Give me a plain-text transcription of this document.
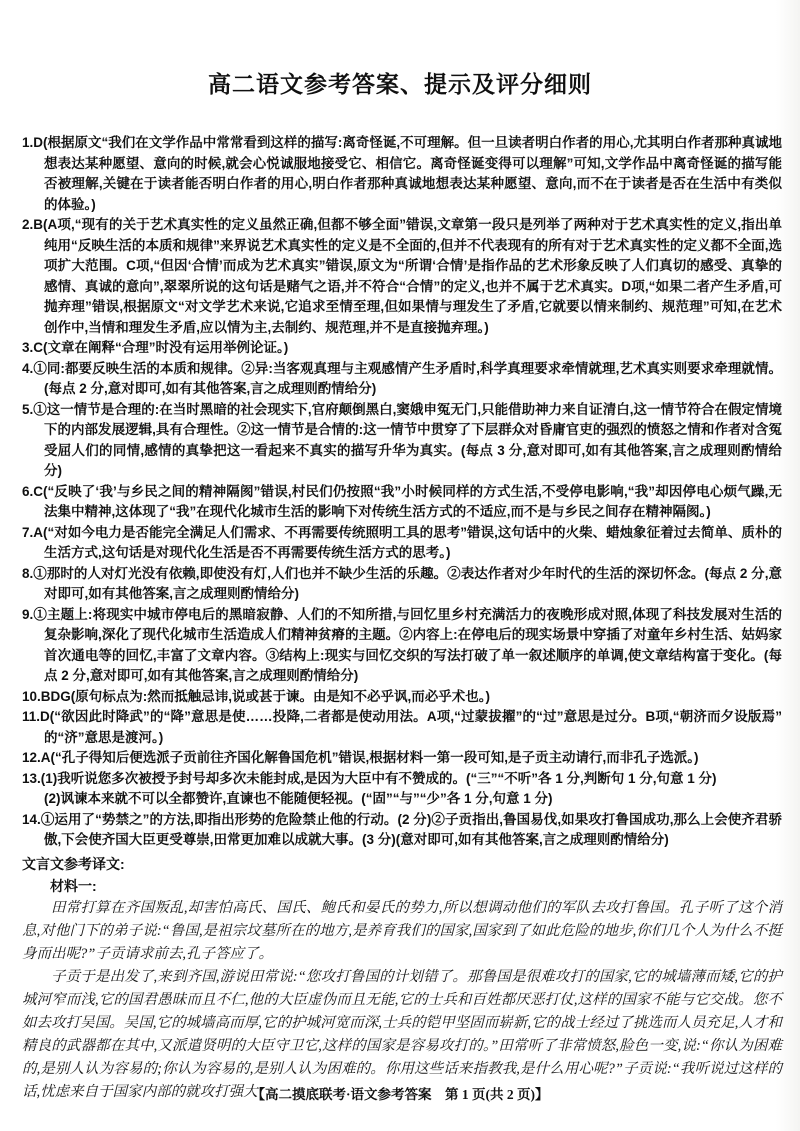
高二语文参考答案、提示及评分细则
1.D(根据原文“我们在文学作品中常常看到这样的描写:离奇怪诞,不可理解。但一旦读者明白作者的用心,尤其明白作者那种真诚地想表达某种愿望、意向的时候,就会心悦诚服地接受它、相信它。离奇怪诞变得可以理解”可知,文学作品中离奇怪诞的描写能否被理解,关键在于读者能否明白作者的用心,明白作者那种真诚地想表达某种愿望、意向,而不在于读者是否在生活中有类似的体验。)
2.B(A项,“现有的关于艺术真实性的定义虽然正确,但都不够全面”错误,文章第一段只是列举了两种对于艺术真实性的定义,指出单纯用“反映生活的本质和规律”来界说艺术真实性的定义是不全面的,但并不代表现有的所有对于艺术真实性的定义都不全面,选项扩大范围。C项,“但因‘合情’而成为艺术真实”错误,原文为“所谓‘合情’是指作品的艺术形象反映了人们真切的感受、真挚的感情、真诚的意向”,翠翠所说的这句话是赌气之语,并不符合“合情”的定义,也并不属于艺术真实。D项,“如果二者产生矛盾,可抛弃理”错误,根据原文“对文学艺术来说,它追求至情至理,但如果情与理发生了矛盾,它就要以情来制约、规范理”可知,在艺术创作中,当情和理发生矛盾,应以情为主,去制约、规范理,并不是直接抛弃理。)
3.C(文章在阐释“合理”时没有运用举例论证。)
4.①同:都要反映生活的本质和规律。②异:当客观真理与主观感情产生矛盾时,科学真理要求牵情就理,艺术真实则要求牵理就情。(每点 2 分,意对即可,如有其他答案,言之成理则酌情给分)
5.①这一情节是合理的:在当时黑暗的社会现实下,官府颠倒黑白,窦娥申冤无门,只能借助神力来自证清白,这一情节符合在假定情境下的内部发展逻辑,具有合理性。②这一情节是合情的:这一情节中贯穿了下层群众对昏庸官吏的强烈的愤怒之情和作者对含冤受屈人们的同情,感情的真挚把这一看起来不真实的描写升华为真实。(每点 3 分,意对即可,如有其他答案,言之成理则酌情给分)
6.C(“反映了‘我’与乡民之间的精神隔阂”错误,村民们仍按照“我”小时候同样的方式生活,不受停电影响,“我”却因停电心烦气躁,无法集中精神,这体现了“我”在现代化城市生活的影响下对传统生活方式的不适应,而不是与乡民之间存在精神隔阂。)
7.A(“对如今电力是否能完全满足人们需求、不再需要传统照明工具的思考”错误,这句话中的火柴、蜡烛象征着过去简单、质朴的生活方式,这句话是对现代化生活是否不再需要传统生活方式的思考。)
8.①那时的人对灯光没有依赖,即使没有灯,人们也并不缺少生活的乐趣。②表达作者对少年时代的生活的深切怀念。(每点 2 分,意对即可,如有其他答案,言之成理则酌情给分)
9.①主题上:将现实中城市停电后的黑暗寂静、人们的不知所措,与回忆里乡村充满活力的夜晚形成对照,体现了科技发展对生活的复杂影响,深化了现代化城市生活造成人们精神贫瘠的主题。②内容上:在停电后的现实场景中穿插了对童年乡村生活、姑妈家首次通电等的回忆,丰富了文章内容。③结构上:现实与回忆交织的写法打破了单一叙述顺序的单调,使文章结构富于变化。(每点 2 分,意对即可,如有其他答案,言之成理则酌情给分)
10.BDG(原句标点为:然而抵触忌讳,说或甚于谏。由是知不必乎讽,而必乎术也。)
11.D(“欲因此时降武”的“降”意思是使……投降,二者都是使动用法。A项,“过蒙拔擢”的“过”意思是过分。B项,“朝济而夕设版焉”的“济”意思是渡河。)
12.A(“孔子得知后便选派子贡前往齐国化解鲁国危机”错误,根据材料一第一段可知,是子贡主动请行,而非孔子选派。)
13.(1)我听说您多次被授予封号却多次未能封成,是因为大臣中有不赞成的。(“三”“不听”各 1 分,判断句 1 分,句意 1 分)
(2)讽谏本来就不可以全都赞许,直谏也不能随便轻视。(“固”“与”“少”各 1 分,句意 1 分)
14.①运用了“势禁之”的方法,即指出形势的危险禁止他的行动。(2 分)②子贡指出,鲁国易伐,如果攻打鲁国成功,那么上会使齐君骄傲,下会使齐国大臣更受尊崇,田常更加难以成就大事。(3 分)(意对即可,如有其他答案,言之成理则酌情给分)
文言文参考译文:
材料一:

田常打算在齐国叛乱,却害怕高氏、国氏、鲍氏和晏氏的势力,所以想调动他们的军队去攻打鲁国。孔子听了这个消息,对他门下的弟子说:“鲁国,是祖宗坟墓所在的地方,是养育我们的国家,国家到了如此危险的地步,你们几个人为什么不挺身而出呢?”子贡请求前去,孔子答应了。

子贡于是出发了,来到齐国,游说田常说:“您攻打鲁国的计划错了。那鲁国是很难攻打的国家,它的城墙薄而矮,它的护城河窄而浅,它的国君愚昧而且不仁,他的大臣虚伪而且无能,它的士兵和百姓都厌恶打仗,这样的国家不能与它交战。您不如去攻打吴国。吴国,它的城墙高而厚,它的护城河宽而深,士兵的铠甲坚固而崭新,它的战士经过了挑选而人员充足,人才和精良的武器都在其中,又派遣贤明的大臣守卫它,这样的国家是容易攻打的。”田常听了非常愤怒,脸色一变,说:“你认为困难的,是别人认为容易的;你认为容易的,是别人认为困难的。你用这些话来指教我,是什么用心呢?”子贡说:“我听说过这样的话,忧虑来自于国家内部的就攻打强大

【高二摸底联考·语文参考答案　第 1 页(共 2 页)】
